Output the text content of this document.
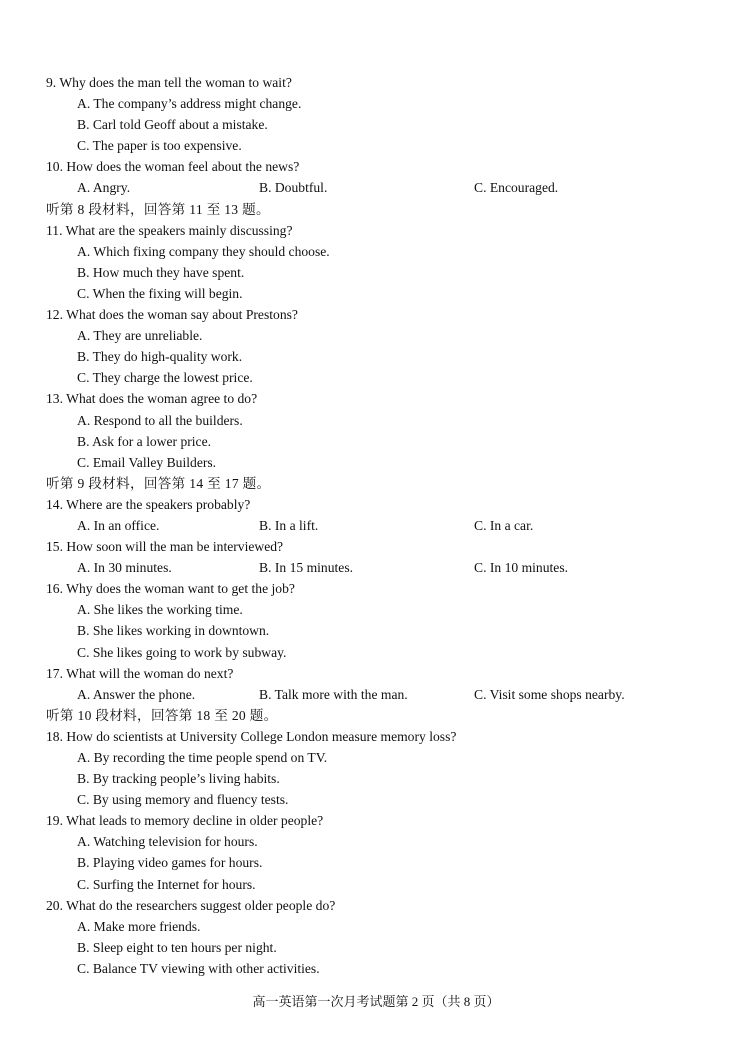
9. Why does the man tell the woman to wait?
A. The company’s address might change.
B. Carl told Geoff about a mistake.
C. The paper is too expensive.
10. How does the woman feel about the news?
A. Angry.	B. Doubtful.	C. Encouraged.
听第 8 段材料，回答第 11 至 13 题。
11. What are the speakers mainly discussing?
A. Which fixing company they should choose.
B. How much they have spent.
C. When the fixing will begin.
12. What does the woman say about Prestons?
A. They are unreliable.
B. They do high-quality work.
C. They charge the lowest price.
13. What does the woman agree to do?
A. Respond to all the builders.
B. Ask for a lower price.
C. Email Valley Builders.
听第 9 段材料，回答第 14 至 17 题。
14. Where are the speakers probably?
A. In an office.	B. In a lift.	C. In a car.
15. How soon will the man be interviewed?
A. In 30 minutes.	B. In 15 minutes.	C. In 10 minutes.
16. Why does the woman want to get the job?
A. She likes the working time.
B. She likes working in downtown.
C. She likes going to work by subway.
17. What will the woman do next?
A. Answer the phone.	B. Talk more with the man.	C. Visit some shops nearby.
听第 10 段材料，回答第 18 至 20 题。
18. How do scientists at University College London measure memory loss?
A. By recording the time people spend on TV.
B. By tracking people’s living habits.
C. By using memory and fluency tests.
19. What leads to memory decline in older people?
A. Watching television for hours.
B. Playing video games for hours.
C. Surfing the Internet for hours.
20. What do the researchers suggest older people do?
A. Make more friends.
B. Sleep eight to ten hours per night.
C. Balance TV viewing with other activities.
高一英语第一次月考试题第 2 页（共 8 页）
